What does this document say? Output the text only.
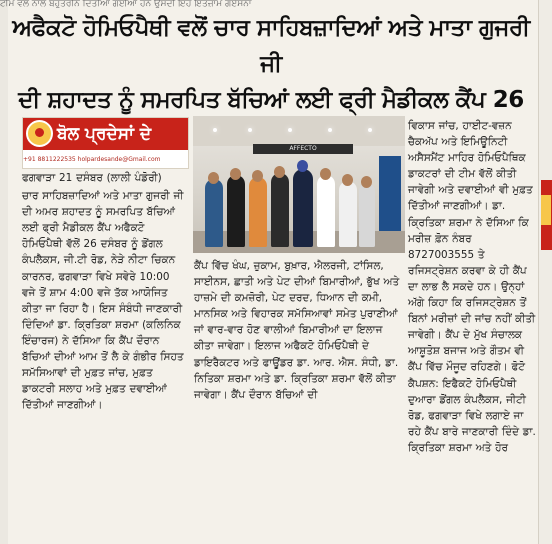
ਟੀਮ ਵੱਲੋਂ ਨਾਲ ਬਹੁਤਰੀਨ ਦਿੱਤੀਆਂ ਗਈਆਂ ਹਨ ਉਸਦੀ ਇਹ ਇੰਤਜ਼ਾਮ ਗਏਸਨਾਂ
ਅਫੈਕਟੋ ਹੋਮਿਓਪੈਥੀ ਵਲੋਂ ਚਾਰ ਸਾਹਿਬਜ਼ਾਦਿਆਂ ਅਤੇ ਮਾਤਾ ਗੁਜਰੀ ਜੀ
ਦੀ ਸ਼ਹਾਦਤ ਨੂੰ ਸਮਰਪਿਤ ਬੱਚਿਆਂ ਲਈ ਫ੍ਰੀ ਮੈਡੀਕਲ ਕੈਂਪ 26
ਬੋਲ ਪ੍ਰਦੇਸਾਂ ਦੇ
+91 8811222535 holpardesande@Gmail.com
ਫਗਵਾੜਾ 21 ਦਸੰਬਰ (ਲਾਲੀ ਪੰਡੋਰੀ)
ਚਾਰ ਸਾਹਿਬਜ਼ਾਦਿਆਂ ਅਤੇ ਮਾਤਾ ਗੁਜਰੀ ਜੀ ਦੀ ਅਮਰ ਸ਼ਹਾਦਤ ਨੂੰ ਸਮਰਪਿਤ ਬੱਚਿਆਂ ਲਈ ਫ੍ਰੀ ਮੈਡੀਕਲ ਕੈਂਪ ਅਫੈਕਟੋ ਹੋਮਿਓਪੈਥੀ ਵੱਲੋਂ 26 ਦਸੰਬਰ ਨੂੰ ਡੋਂਗਲ ਕੰਪਲੈਕਸ, ਜੀ.ਟੀ ਰੋਡ, ਨੇੜੇ ਨੀਟਾ ਚਿਕਨ ਕਾਰਨਰ, ਫਗਵਾੜਾ ਵਿਖੇ ਸਵੇਰੇ 10:00 ਵਜੇ ਤੋਂ ਸ਼ਾਮ 4:00 ਵਜੇ ਤੱਕ ਆਯੋਜਿਤ ਕੀਤਾ ਜਾ ਰਿਹਾ ਹੈ। ਇਸ ਸੰਬੰਧੀ ਜਾਣਕਾਰੀ ਦਿੰਦਿਆਂ ਡਾ. ਕ੍ਰਿਤਿਕਾ ਸ਼ਰਮਾ (ਕਲਿਨਿਕ ਇੰਚਾਰਜ) ਨੇ ਦੱਸਿਆ ਕਿ ਕੈਂਪ ਦੌਰਾਨ ਬੱਚਿਆਂ ਦੀਆਂ ਆਮ ਤੋਂ ਲੈ ਕੇ ਗੰਭੀਰ ਸਿਹਤ ਸਮੱਸਿਆਵਾਂ ਦੀ ਮੁਫ਼ਤ ਜਾਂਚ, ਮੁਫ਼ਤ ਡਾਕਟਰੀ ਸਲਾਹ ਅਤੇ ਮੁਫ਼ਤ ਦਵਾਈਆਂ ਦਿੱਤੀਆਂ ਜਾਣਗੀਆਂ।
AFFECTO
ਕੈਂਪ ਵਿੱਚ ਖੰਘ, ਜ਼ੁਕਾਮ, ਬੁਖ਼ਾਰ, ਐਲਰਜੀ, ਟਾਂਸਿਲ, ਸਾਈਨਸ, ਛਾਤੀ ਅਤੇ ਪੇਟ ਦੀਆਂ ਬਿਮਾਰੀਆਂ, ਭੁੱਖ ਅਤੇ ਹਾਜ਼ਮੇ ਦੀ ਕਮਜ਼ੋਰੀ, ਪੇਟ ਦਰਦ, ਧਿਆਨ ਦੀ ਕਮੀ, ਮਾਨਸਿਕ ਅਤੇ ਵਿਹਾਰਕ ਸਮੱਸਿਆਵਾਂ ਸਮੇਤ ਪੁਰਾਣੀਆਂ ਜਾਂ ਵਾਰ-ਵਾਰ ਹੋਣ ਵਾਲੀਆਂ ਬਿਮਾਰੀਆਂ ਦਾ ਇਲਾਜ ਕੀਤਾ ਜਾਵੇਗਾ। ਇਲਾਜ ਅਫੈਕਟੋ ਹੋਮਿਓਪੈਥੀ ਦੇ ਡਾਇਰੈਕਟਰ ਅਤੇ ਫਾਊਂਡਰ ਡਾ. ਆਰ. ਐਸ. ਸੰਧੀ, ਡਾ. ਨਿਤਿਕਾ ਸ਼ਰਮਾ ਅਤੇ ਡਾ. ਕ੍ਰਿਤਿਕਾ ਸ਼ਰਮਾ ਵੱਲੋਂ ਕੀਤਾ ਜਾਵੇਗਾ। ਕੈਂਪ ਦੌਰਾਨ ਬੱਚਿਆਂ ਦੀ
ਵਿਕਾਸ ਜਾਂਚ, ਹਾਈਟ-ਵਜ਼ਨ ਚੈਕਅੱਪ ਅਤੇ ਇਮਿਊਨਿਟੀ ਅਸੈਸਮੈਂਟ ਮਾਹਿਰ ਹੋਮਿਓਪੈਥਿਕ ਡਾਕਟਰਾਂ ਦੀ ਟੀਮ ਵੱਲੋਂ ਕੀਤੀ ਜਾਵੇਗੀ ਅਤੇ ਦਵਾਈਆਂ ਵੀ ਮੁਫ਼ਤ ਦਿੱਤੀਆਂ ਜਾਣਗੀਆਂ। ਡਾ. ਕ੍ਰਿਤਿਕਾ ਸ਼ਰਮਾ ਨੇ ਦੱਸਿਆ ਕਿ ਮਰੀਜ਼ ਫ਼ੋਨ ਨੰਬਰ 8727003555 ਤੇ ਰਜਿਸਟ੍ਰੇਸ਼ਨ ਕਰਵਾ ਕੇ ਹੀ ਕੈਂਪ ਦਾ ਲਾਭ ਲੈ ਸਕਦੇ ਹਨ। ਉਨ੍ਹਾਂ ਅੱਗੇ ਕਿਹਾ ਕਿ ਰਜਿਸਟ੍ਰੇਸ਼ਨ ਤੋਂ ਬਿਨਾਂ ਮਰੀਜ਼ਾਂ ਦੀ ਜਾਂਚ ਨਹੀਂ ਕੀਤੀ ਜਾਵੇਗੀ। ਕੈਂਪ ਦੇ ਮੁੱਖ ਸੰਚਾਲਕ ਆਸ਼ੂਤੋਸ਼ ਬਜਾਜ ਅਤੇ ਗੌਤਮ ਵੀ ਕੈਂਪ ਵਿੱਚ ਮੌਜੂਦ ਰਹਿਣਗੇ। ਫੋਟੋ ਕੈਪਸ਼ਨ: ਇਫੈਕਟੋ ਹੋਮਿਓਪੈਥੀ ਦੁਆਰਾ ਡੋਂਗਲ ਕੰਪਲੈਕਸ, ਜੀਟੀ ਰੋਡ, ਫਗਵਾੜਾ ਵਿਖੇ ਲਗਾਏ ਜਾ ਰਹੇ ਕੈਂਪ ਬਾਰੇ ਜਾਣਕਾਰੀ ਦਿੰਦੇ ਡਾ. ਕ੍ਰਿਤਿਕਾ ਸ਼ਰਮਾ ਅਤੇ ਹੋਰ
